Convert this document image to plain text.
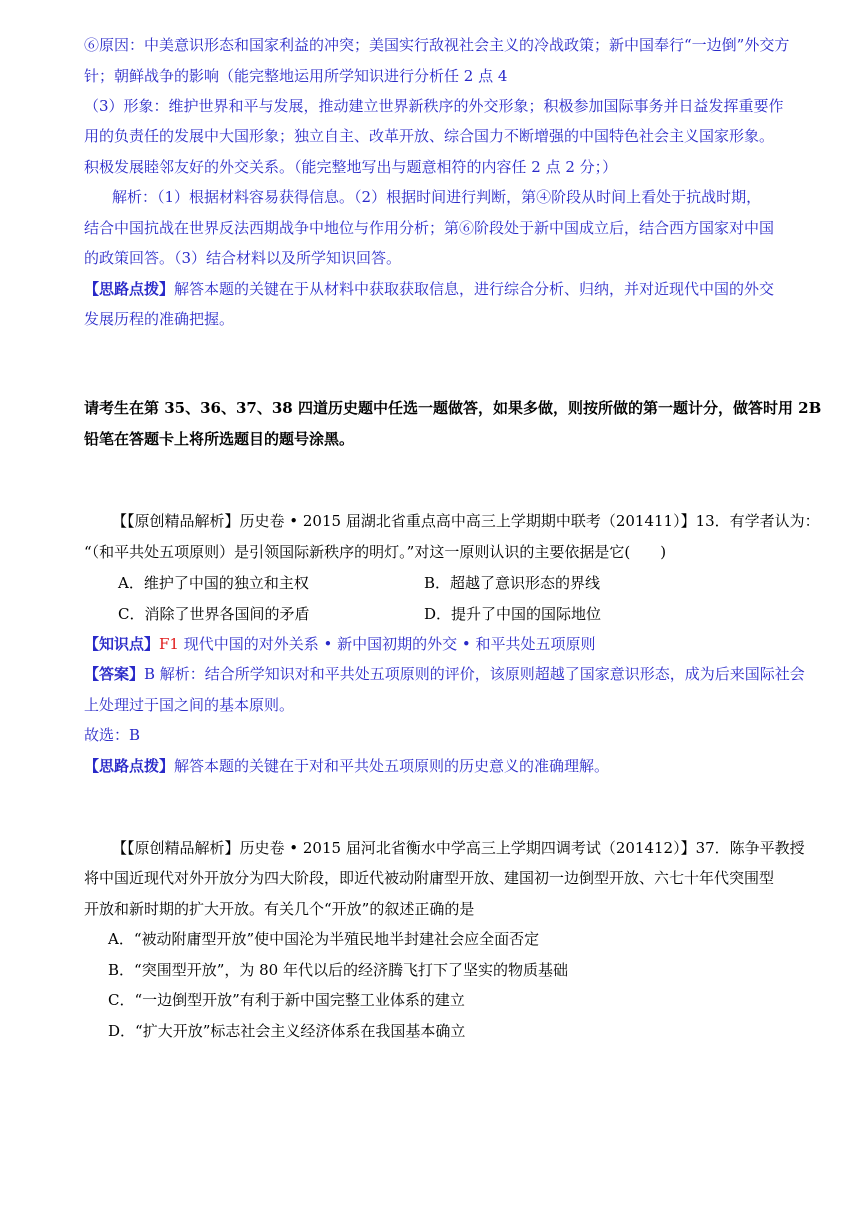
⑥原因：中美意识形态和国家利益的冲突；美国实行敌视社会主义的冷战政策；新中国奉行“一边倒”外交方
针；朝鲜战争的影响（能完整地运用所学知识进行分析任 2 点 4
（3）形象：维护世界和平与发展，推动建立世界新秩序的外交形象；积极参加国际事务并日益发挥重要作
用的负责任的发展中大国形象；独立自主、改革开放、综合国力不断增强的中国特色社会主义国家形象。
积极发展睦邻友好的外交关系。（能完整地写出与题意相符的内容任 2 点 2 分；）
解析：（1）根据材料容易获得信息。（2）根据时间进行判断，第④阶段从时间上看处于抗战时期，
结合中国抗战在世界反法西期战争中地位与作用分析；第⑥阶段处于新中国成立后，结合西方国家对中国
的政策回答。（3）结合材料以及所学知识回答。
【思路点拨】解答本题的关键在于从材料中获取获取信息，进行综合分析、归纳，并对近现代中国的外交
发展历程的准确把握。
请考生在第 35、36、37、38 四道历史题中任选一题做答，如果多做，则按所做的第一题计分，做答时用 2B
铅笔在答题卡上将所选题目的题号涂黑。
【【原创精品解析】历史卷 • 2015 届湖北省重点高中高三上学期期中联考（201411）】13．有学者认为：
“（和平共处五项原则）是引领国际新秩序的明灯。”对这一原则认识的主要依据是它(　　)
A．维护了中国的独立和主权	B．超越了意识形态的界线
C．消除了世界各国间的矛盾	D．提升了中国的国际地位
【知识点】F1 现代中国的对外关系 • 新中国初期的外交 • 和平共处五项原则
【答案】B 解析：结合所学知识对和平共处五项原则的评价，该原则超越了国家意识形态，成为后来国际社会
上处理过于国之间的基本原则。
故选：B
【思路点拨】解答本题的关键在于对和平共处五项原则的历史意义的准确理解。
【【原创精品解析】历史卷 • 2015 届河北省衡水中学高三上学期四调考试（201412）】37．陈争平教授
将中国近现代对外开放分为四大阶段，即近代被动附庸型开放、建国初一边倒型开放、六七十年代突围型
开放和新时期的扩大开放。有关几个“开放”的叙述正确的是
A．“被动附庸型开放”使中国沦为半殖民地半封建社会应全面否定
B．“突围型开放”，为 80 年代以后的经济腾飞打下了坚实的物质基础
C．“一边倒型开放”有利于新中国完整工业体系的建立
D．“扩大开放”标志社会主义经济体系在我国基本确立
